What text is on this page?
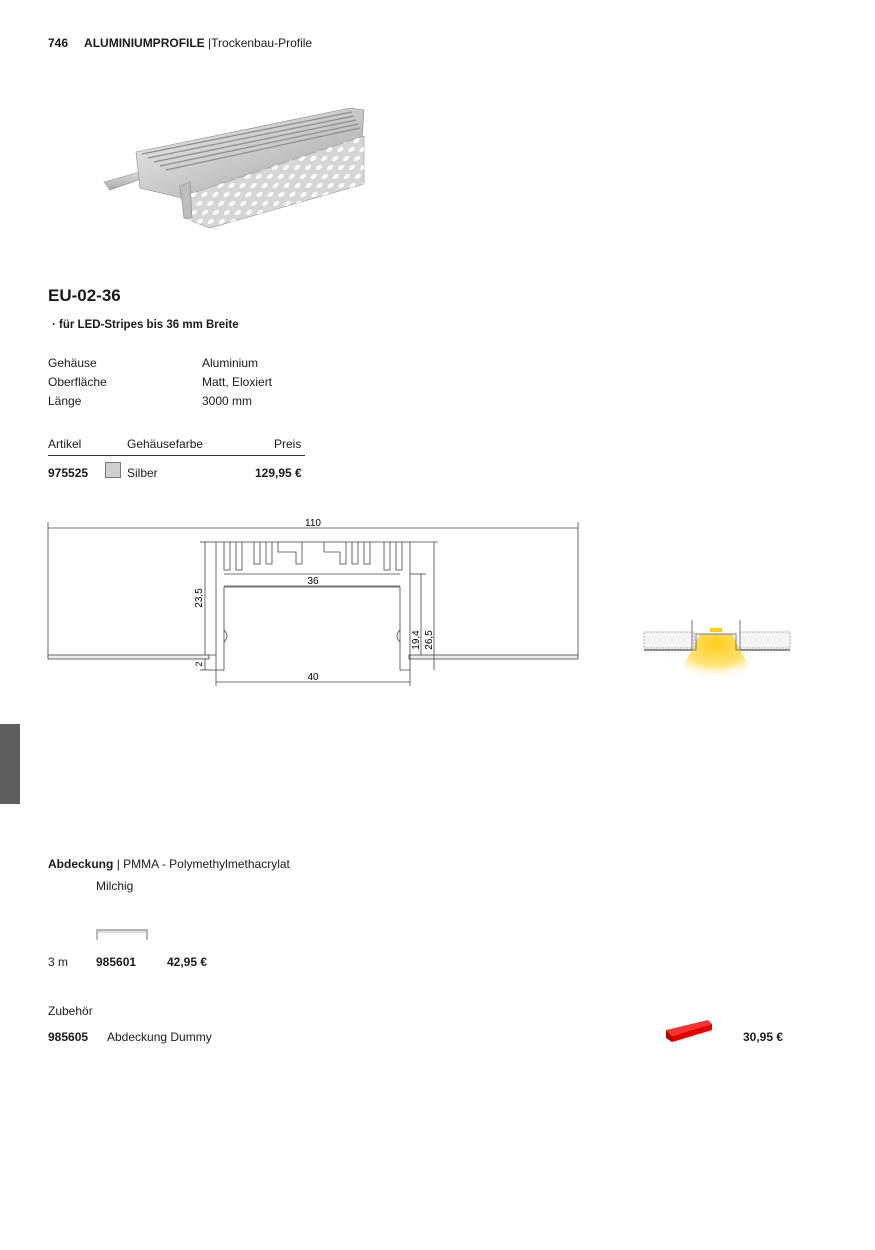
746 ALUMINIUMPROFILE |Trockenbau-Profile
EU-02-36
· für LED-Stripes bis 36 mm Breite
Gehäuse	Aluminium
Oberfläche	Matt, Eloxiert
Länge	3000 mm
Artikel	Gehäusefarbe	Preis
975525	Silber	129,95 €
110
36
40
23,5
2
19,4 26,5
Abdeckung | PMMA - Polymethylmethacrylat
Milchig
3 m 985601	42,95 €
Zubehör
985605 Abdeckung Dummy	30,95 €
